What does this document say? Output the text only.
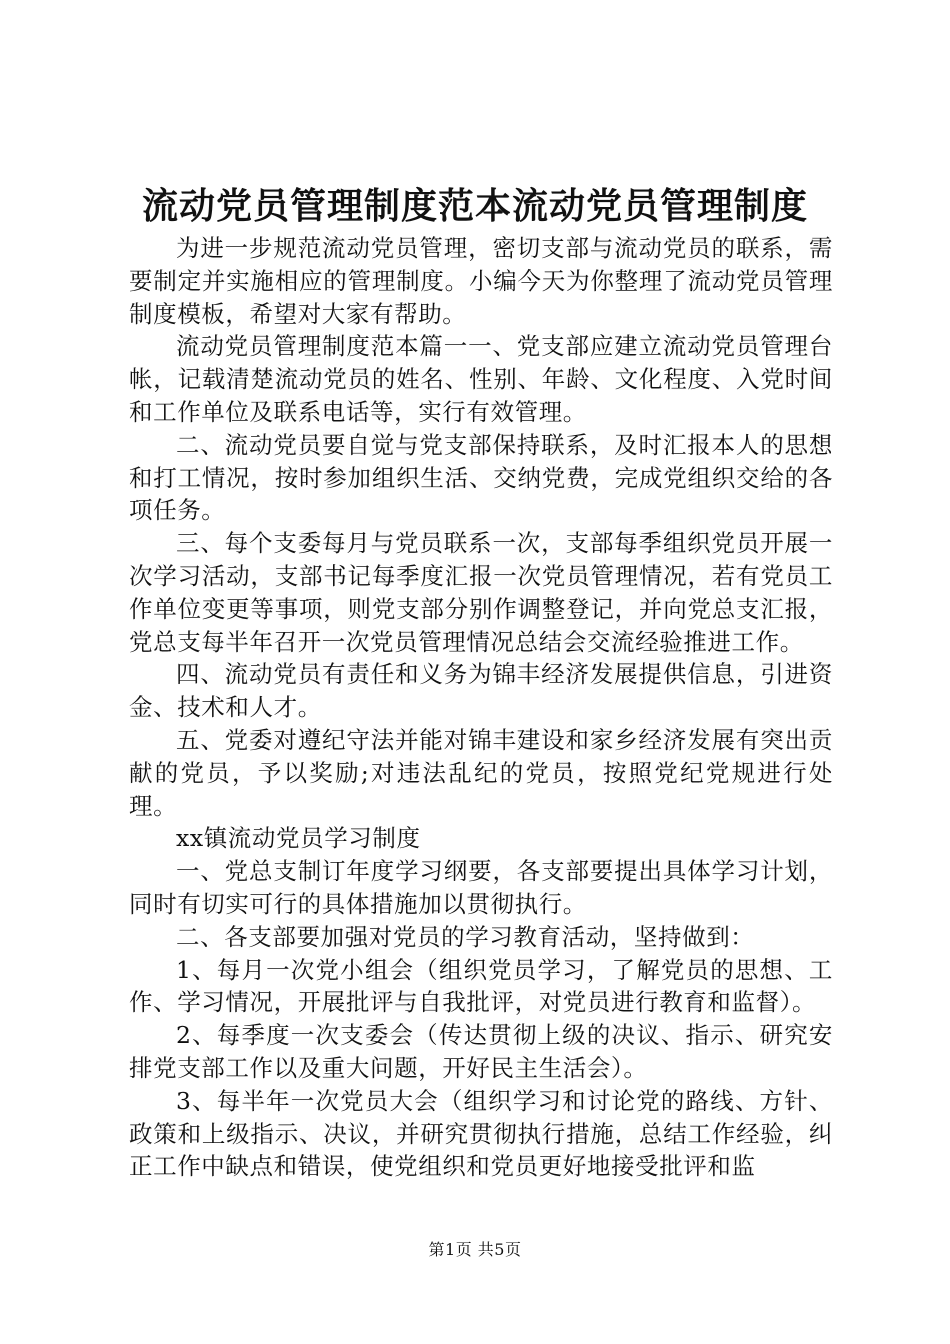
流动党员管理制度范本流动党员管理制度

为进一步规范流动党员管理，密切支部与流动党员的联系，需要制定并实施相应的管理制度。小编今天为你整理了流动党员管理制度模板，希望对大家有帮助。

流动党员管理制度范本篇一一、党支部应建立流动党员管理台帐，记载清楚流动党员的姓名、性别、年龄、文化程度、入党时间和工作单位及联系电话等，实行有效管理。

二、流动党员要自觉与党支部保持联系，及时汇报本人的思想和打工情况，按时参加组织生活、交纳党费，完成党组织交给的各项任务。

三、每个支委每月与党员联系一次，支部每季组织党员开展一次学习活动，支部书记每季度汇报一次党员管理情况，若有党员工作单位变更等事项，则党支部分别作调整登记，并向党总支汇报，党总支每半年召开一次党员管理情况总结会交流经验推进工作。

四、流动党员有责任和义务为锦丰经济发展提供信息，引进资金、技术和人才。

五、党委对遵纪守法并能对锦丰建设和家乡经济发展有突出贡献的党员，予以奖励;对违法乱纪的党员，按照党纪党规进行处理。

xx镇流动党员学习制度

一、党总支制订年度学习纲要，各支部要提出具体学习计划，同时有切实可行的具体措施加以贯彻执行。

二、各支部要加强对党员的学习教育活动，坚持做到：

1、每月一次党小组会（组织党员学习，了解党员的思想、工作、学习情况，开展批评与自我批评，对党员进行教育和监督）。

2、每季度一次支委会（传达贯彻上级的决议、指示、研究安排党支部工作以及重大问题，开好民主生活会）。

3、每半年一次党员大会（组织学习和讨论党的路线、方针、政策和上级指示、决议，并研究贯彻执行措施，总结工作经验，纠正工作中缺点和错误，使党组织和党员更好地接受批评和监

第1页 共5页
